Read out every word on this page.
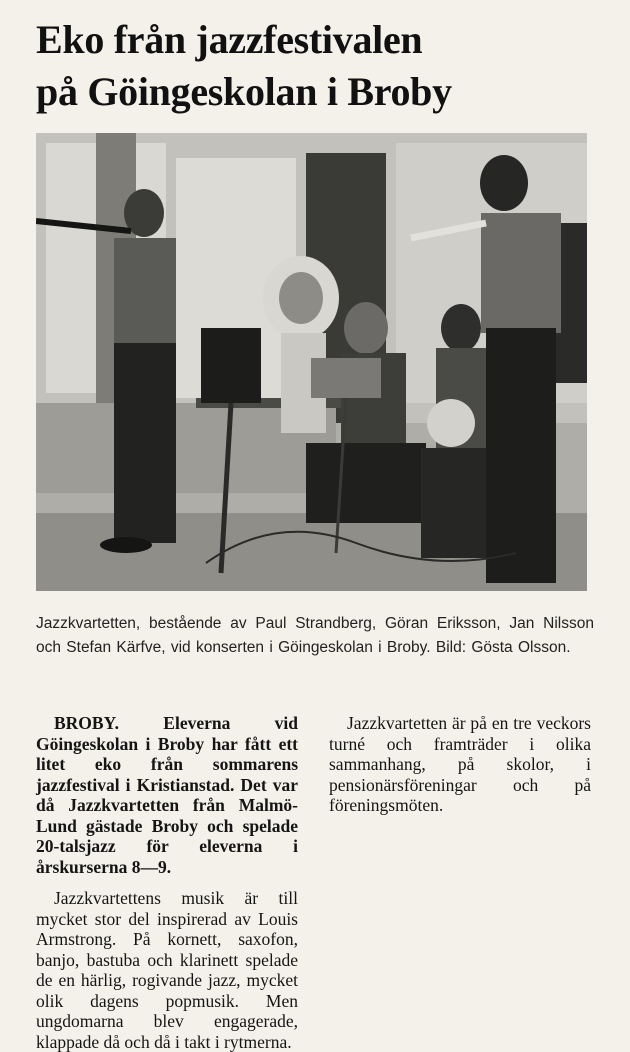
Eko från jazzfestivalen
på Göingeskolan i Broby

Jazzkvartetten, bestående av Paul Strandberg, Göran Eriksson, Jan Nilsson och Stefan Kärfve, vid konserten i Göingeskolan i Broby. Bild: Gösta Olsson.

BROBY.	Eleverna vid Göingeskolan i Broby har fått ett litet eko från sommarens jazzfestival i Kristianstad. Det var då Jazzkvartetten från Malmö-Lund gästade Broby och spelade 20-talsjazz för eleverna i årskurserna 8—9.

Jazzkvartettens musik är till mycket stor del inspirerad av Louis Armstrong. På kornett, saxofon, banjo, bastuba och klarinett spelade de en härlig, rogivande jazz, mycket olik dagens popmusik. Men ungdomarna blev engagerade, klappade då och då i takt i rytmerna.

Jazzkvartetten är på en tre veckors turné och framträder i olika sammanhang, på skolor, i pensionärsföreningar och på föreningsmöten.
